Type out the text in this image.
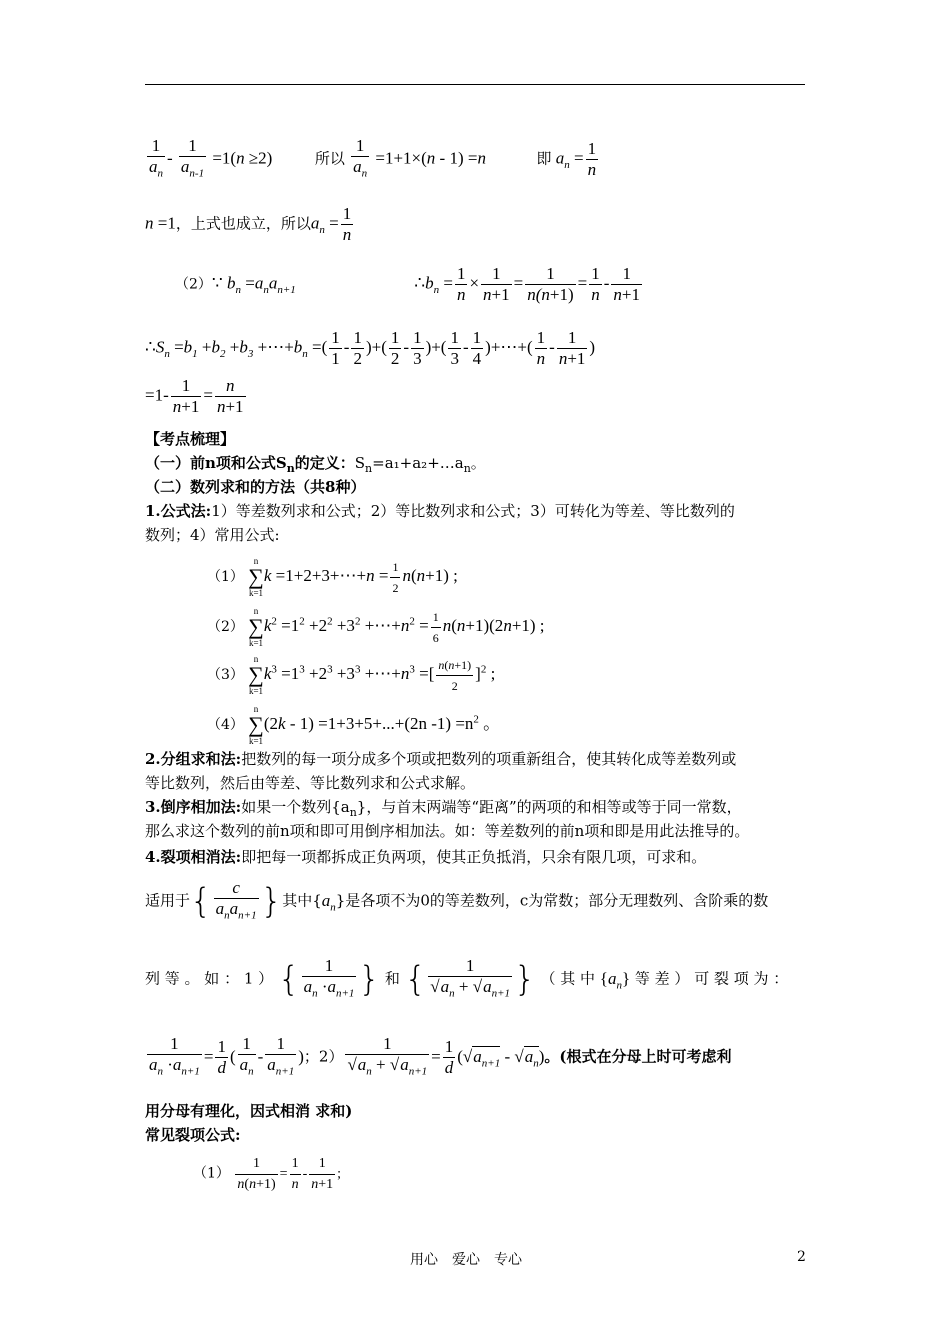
$\frac{1}{a_n} - \frac{1}{a_{n-1}} =1(n \ge 2)$	所以 $\frac{1}{a_n} =1+1\times(n - 1) =n$	即 $a_n = \frac{1}{n}$
n =1，上式也成立，所以$a_n = \frac{1}{n}$
（2）∵ $b_n =a_na_{n+1}$	$\therefore b_n = \frac{1}{n} \times \frac{1}{n+1} = \frac{1}{n(n+1)} = \frac{1}{n} - \frac{1}{n+1}$
$\therefore S_n =b_1 +b_2 +b_3$ $+\cdots+b_n$ =( $\frac{1}{1} - \frac{1}{2}$ )+( $\frac{1}{2} - \frac{1}{3}$ )+( $\frac{1}{3} - \frac{1}{4}$ )+⋯+( $\frac{1}{n} - \frac{1}{n+1}$ )
$=1- \frac{1}{n+1} = \frac{n}{n+1}$
【考点梳理】
（一）前n项和公式$S_n$的定义：$S_n=a_1+a_2+\dots a_n$。
（二）数列求和的方法（共8种）
1.公式法:1）等差数列求和公式；2）等比数列求和公式；3）可转化为等差、等比数列的
数列；4）常用公式:
（1）
n
∑
k=1
k =1+2+3+⋯+n = $\frac{1}{2} n(n+1)$ ;
（2）
n
∑
k=1
$k^2 =1^2 +2^2 +3^2$ $+\cdots+n^2 = \frac{1}{6} n(n+1)(2n+1)$ ;
（3）
n
∑
k=1
$k^3 =1^3 +2^3 +3^3$ $+\cdots+n^3$ =[ $\frac{n(n+1)}{2} ]^2$ ;
（4）
n
∑
k=1
(2k - 1) =1+3+5+...+(2n $-1) =n^2$ 。
2.分组求和法:把数列的每一项分成多个项或把数列的项重新组合，使其转化成等差数列或
等比数列，然后由等差、等比数列求和公式求解。
3.倒序相加法:如果一个数列$\{a_n\}$，与首末两端等“距离”的两项的和相等或等于同一常数，
那么求这个数列的前n项和即可用倒序相加法。如：等差数列的前n项和即是用此法推导的。
4.裂项相消法:即把每一项都拆成正负两项，使其正负抵消，只余有限几项，可求和。
适用于{ $\frac{c}{a_na_{n+1}}$ }其中$\{a_n\}$是各项不为0的等差数列，c为常数；部分无理数列、含阶乘的数
列 等 。 如 ： 1 ） { $\frac{1}{a_n \cdot a_{n+1}}$ } 和 { $\frac{1}{√a_n + √a_{n+1}}$ } （ 其 中 $\{a_n\}$ 等 差 ） 可 裂 项 为 ：
$\frac{1}{a_n \cdot a_{n+1}} = \frac{1}{d}$ ( $\frac{1}{a_n} - \frac{1}{a_{n+1}}$ )；$2) \frac{1}{√a_n + √a_{n+1}} = \frac{1}{d} (√a_{n+1} - √a_n)$。(根式在分母上时可考虑利
用分母有理化，因式相消 求和)
常见裂项公式:
$(1) \frac{1}{n(n+1)} = \frac{1}{n} - \frac{1}{n+1}$ ;
用心　爱心　专心	2
